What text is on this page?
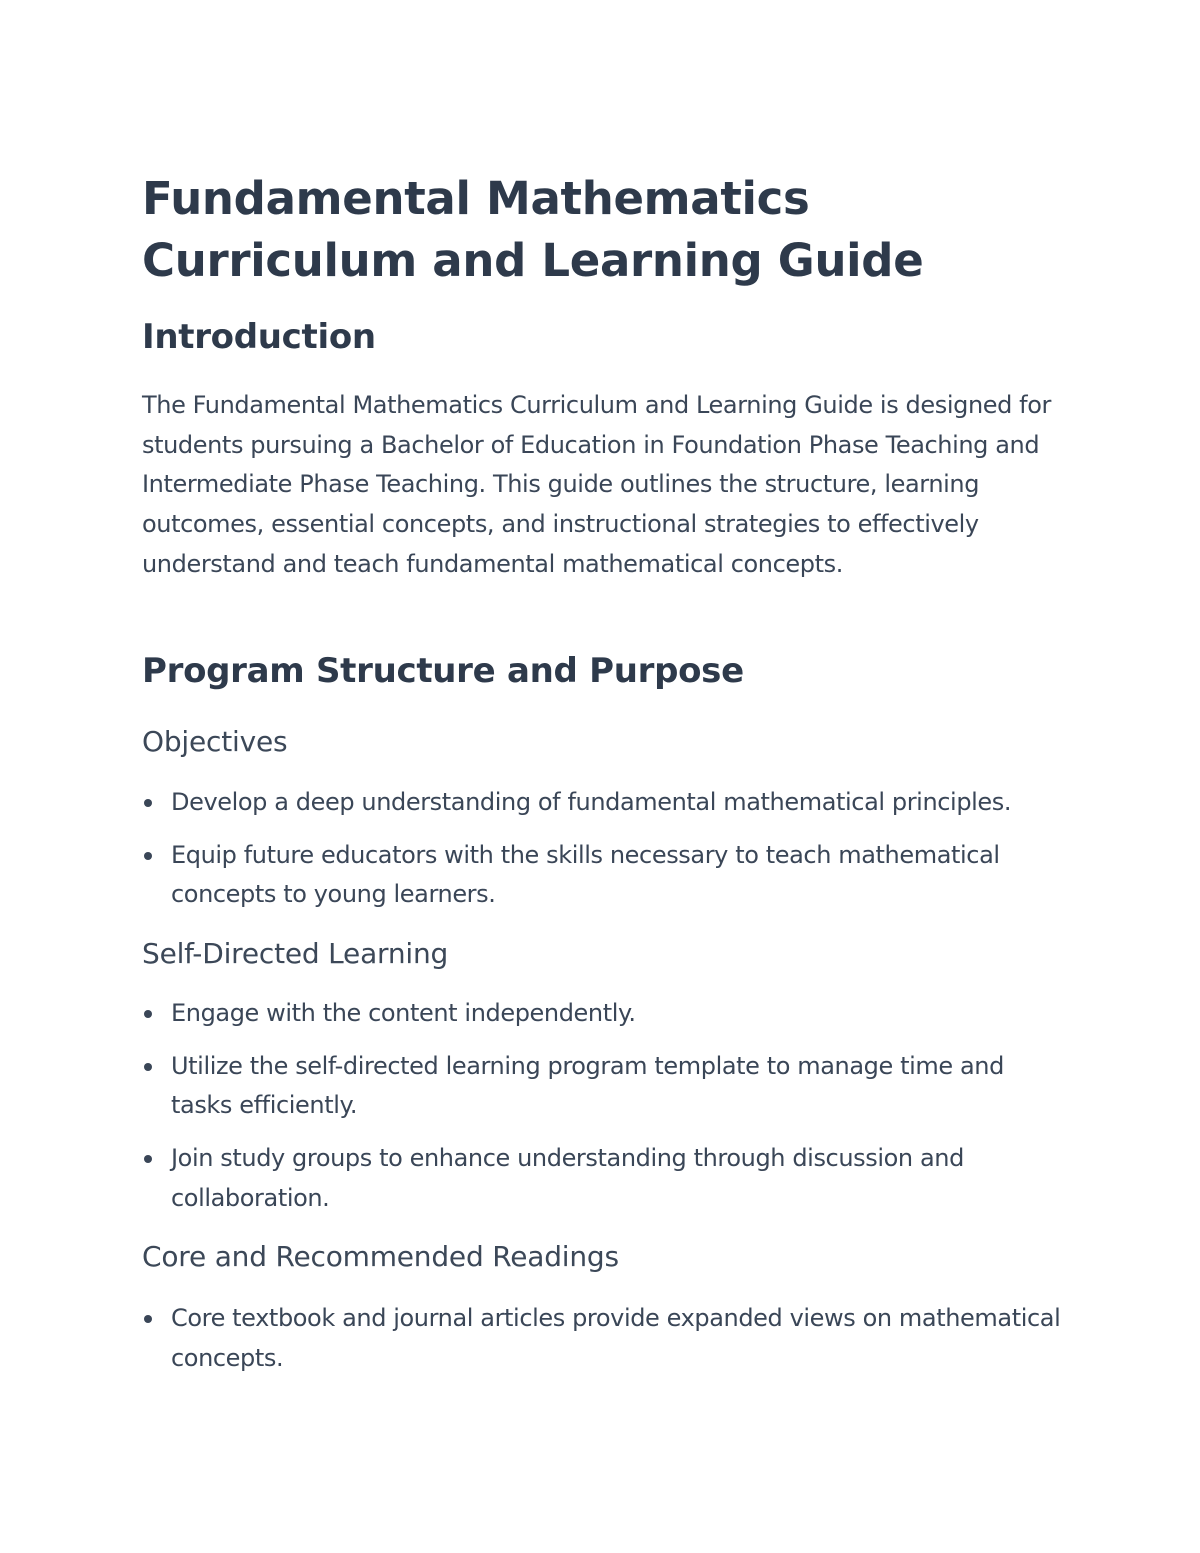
Fundamental Mathematics Curriculum and Learning Guide
Introduction

The Fundamental Mathematics Curriculum and Learning Guide is designed for students pursuing a Bachelor of Education in Foundation Phase Teaching and Intermediate Phase Teaching. This guide outlines the structure, learning outcomes, essential concepts, and instructional strategies to effectively understand and teach fundamental mathematical concepts.

Program Structure and Purpose
Objectives
Develop a deep understanding of fundamental mathematical principles.
Equip future educators with the skills necessary to teach mathematical concepts to young learners.
Self-Directed Learning
Engage with the content independently.
Utilize the self-directed learning program template to manage time and tasks efficiently.
Join study groups to enhance understanding through discussion and collaboration.
Core and Recommended Readings
Core textbook and journal articles provide expanded views on mathematical concepts.
